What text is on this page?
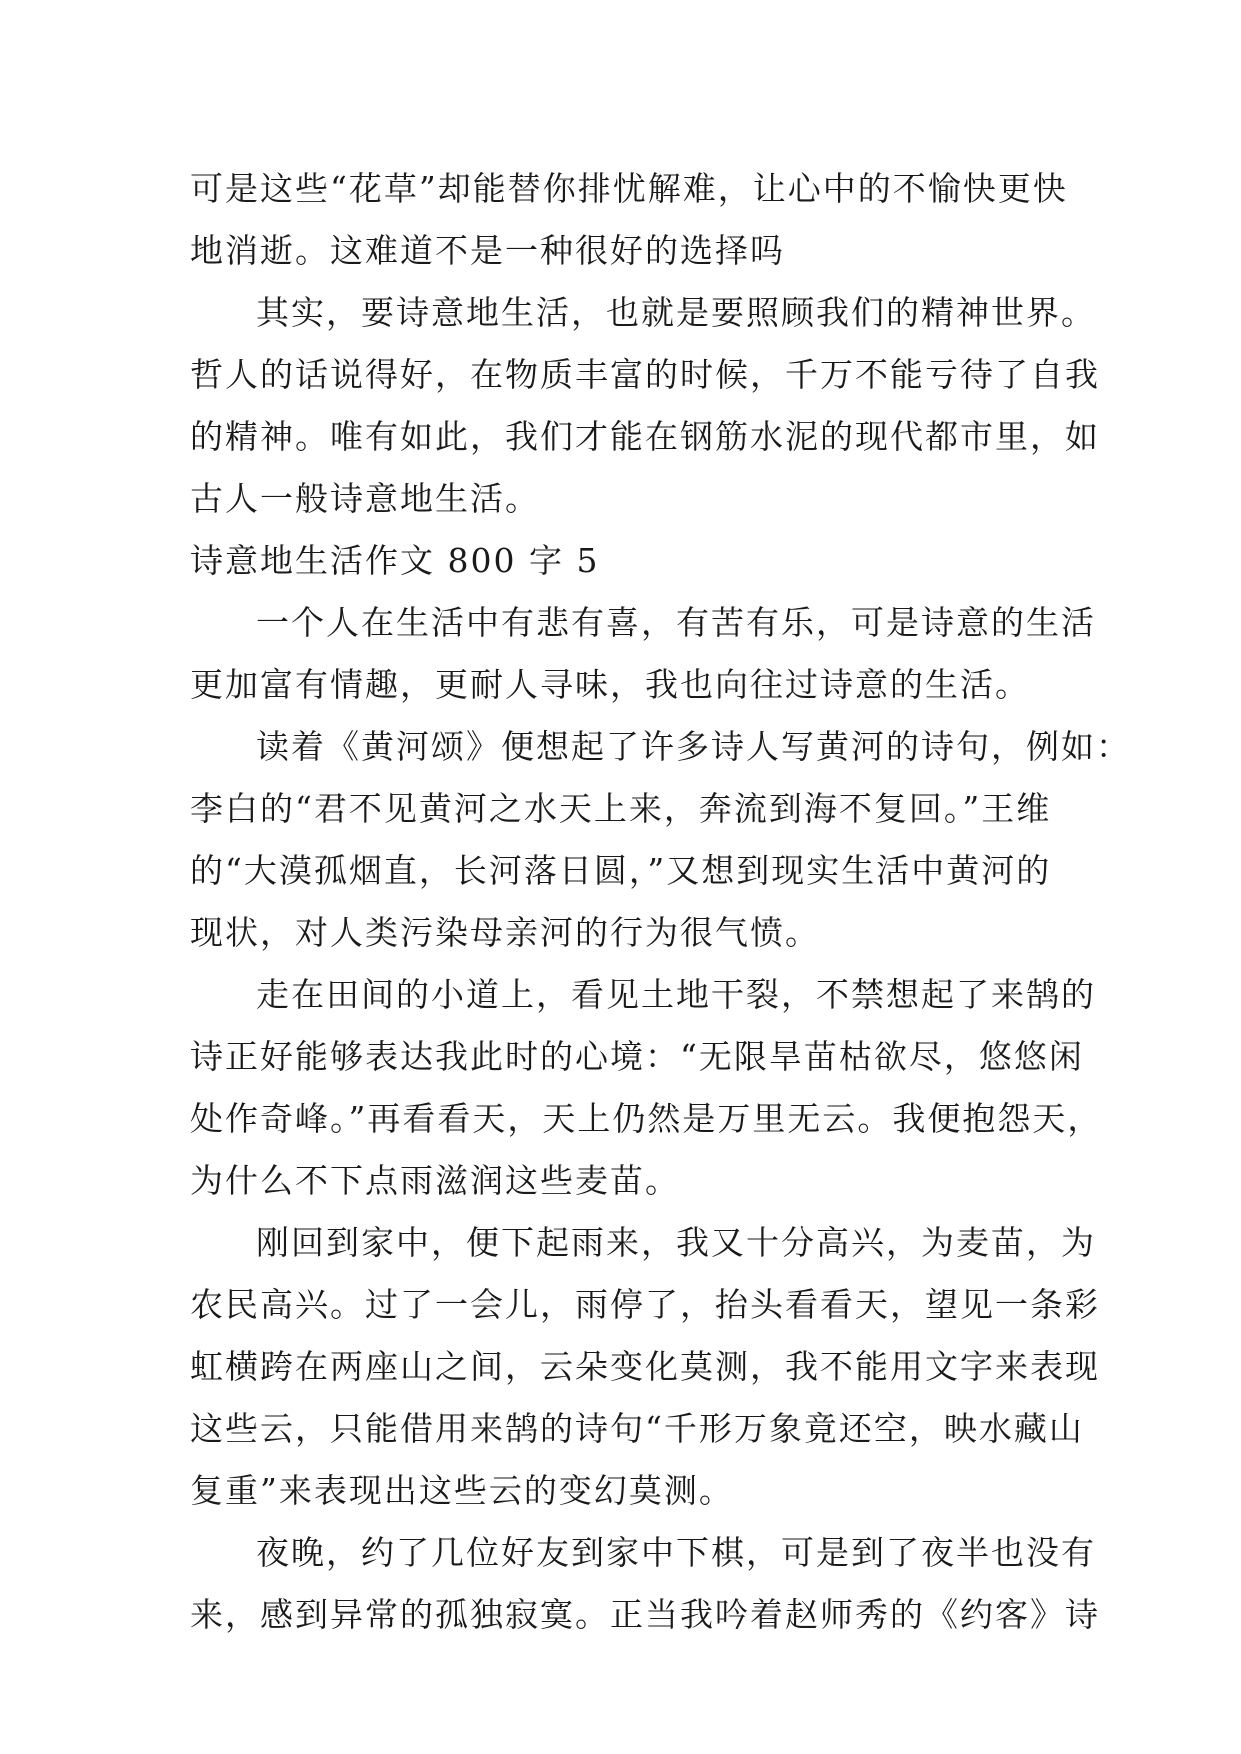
可是这些“花草”却能替你排忧解难，让心中的不愉快更快
地消逝。这难道不是一种很好的选择吗
其实，要诗意地生活，也就是要照顾我们的精神世界。
哲人的话说得好，在物质丰富的时候，千万不能亏待了自我
的精神。唯有如此，我们才能在钢筋水泥的现代都市里，如
古人一般诗意地生活。
诗意地生活作文 800 字 5
一个人在生活中有悲有喜，有苦有乐，可是诗意的生活
更加富有情趣，更耐人寻味，我也向往过诗意的生活。
读着《黄河颂》便想起了许多诗人写黄河的诗句，例如：
李白的“君不见黄河之水天上来，奔流到海不复回。”王维
的“大漠孤烟直，长河落日圆，”又想到现实生活中黄河的
现状，对人类污染母亲河的行为很气愤。
走在田间的小道上，看见土地干裂，不禁想起了来鹄的
诗正好能够表达我此时的心境：“无限旱苗枯欲尽，悠悠闲
处作奇峰。”再看看天，天上仍然是万里无云。我便抱怨天，
为什么不下点雨滋润这些麦苗。
刚回到家中，便下起雨来，我又十分高兴，为麦苗，为
农民高兴。过了一会儿，雨停了，抬头看看天，望见一条彩
虹横跨在两座山之间，云朵变化莫测，我不能用文字来表现
这些云，只能借用来鹄的诗句“千形万象竟还空，映水藏山
复重”来表现出这些云的变幻莫测。
夜晚，约了几位好友到家中下棋，可是到了夜半也没有
来，感到异常的孤独寂寞。正当我吟着赵师秀的《约客》诗
